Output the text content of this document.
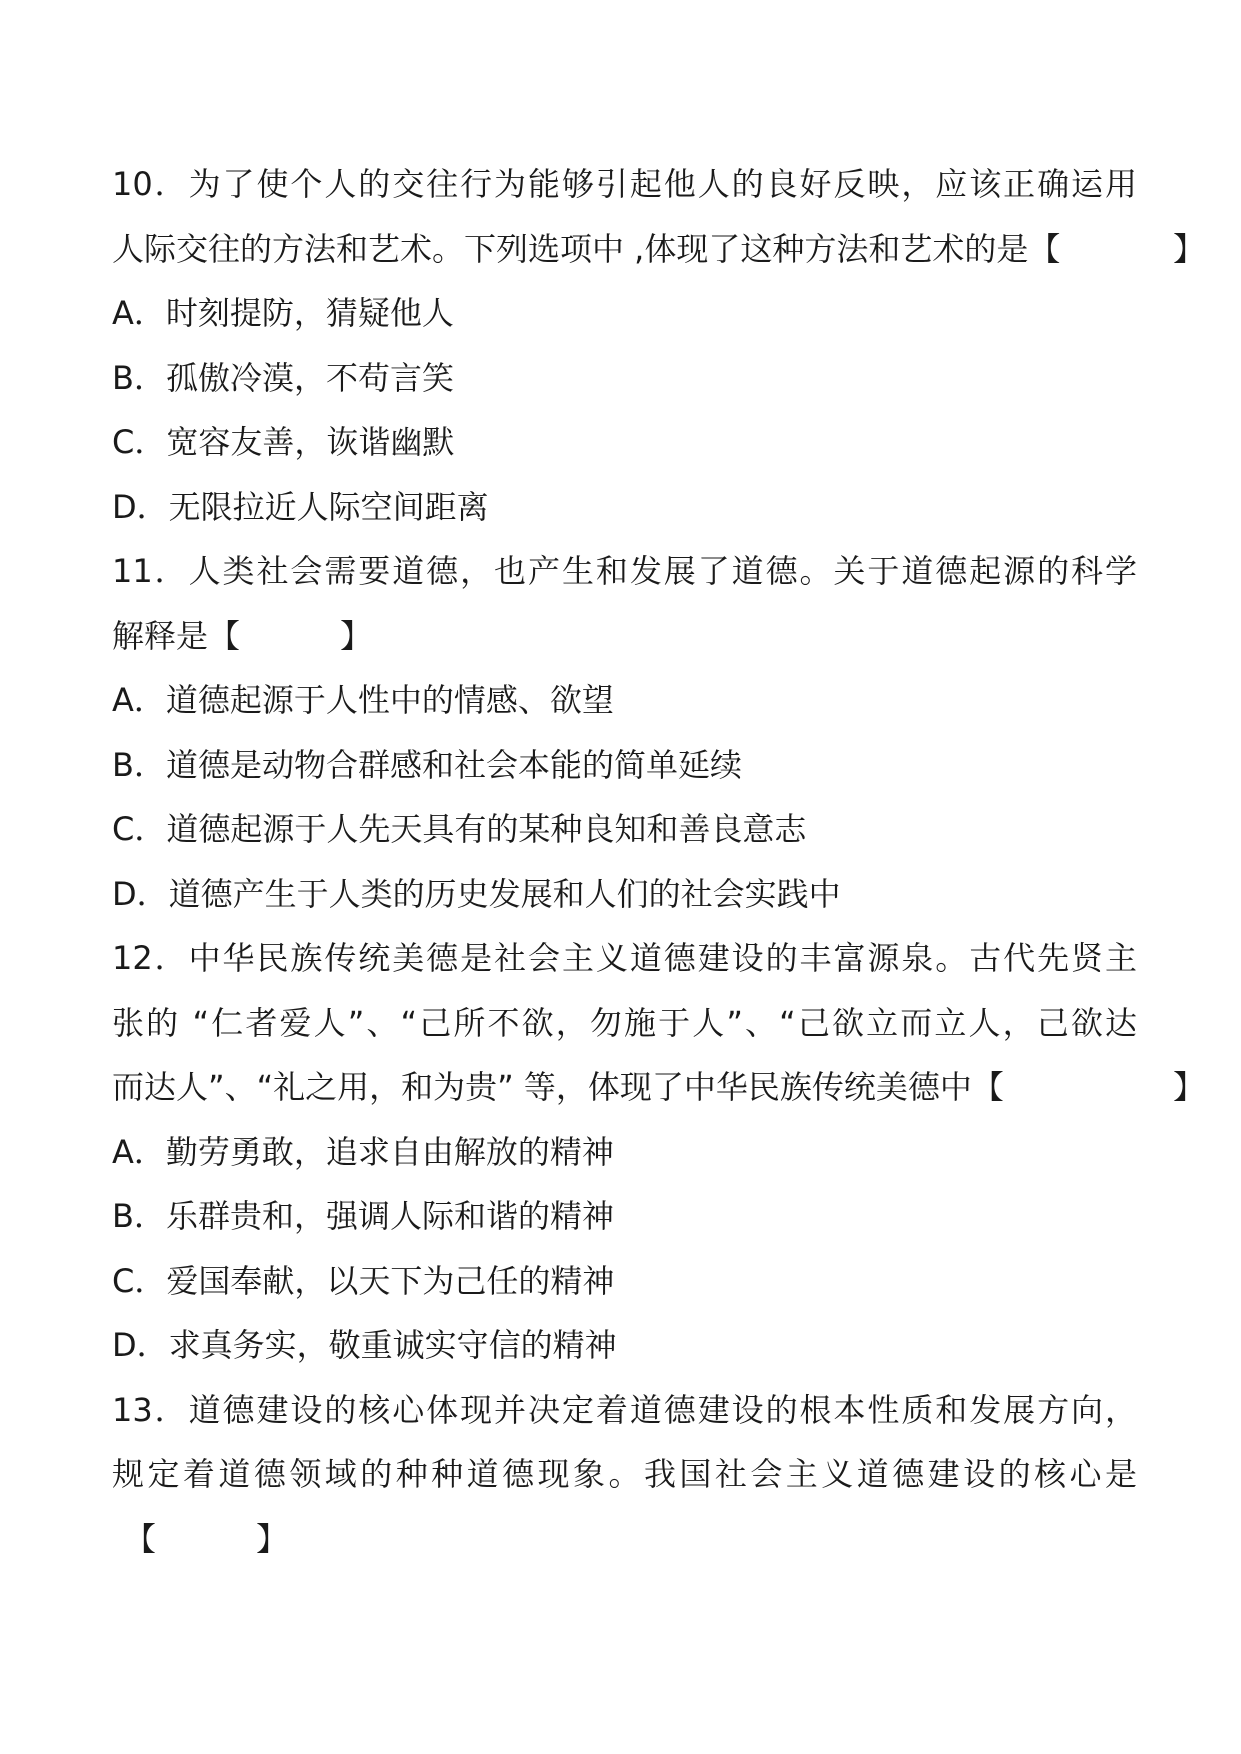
10．为了使个人的交往行为能够引起他人的良好反映，应该正确运用
人际交往的方法和艺术。下列选项中 ,体现了这种方法和艺术的是【	】
A．时刻提防，猜疑他人
B．孤傲冷漠，不苟言笑
C．宽容友善，诙谐幽默
D．无限拉近人际空间距离
11．人类社会需要道德，也产生和发展了道德。关于道德起源的科学
解释是【	】
A．道德起源于人性中的情感、欲望
B．道德是动物合群感和社会本能的简单延续
C．道德起源于人先天具有的某种良知和善良意志
D．道德产生于人类的历史发展和人们的社会实践中
12．中华民族传统美德是社会主义道德建设的丰富源泉。古代先贤主
张的 “仁者爱人”、“己所不欲，勿施于人”、“己欲立而立人，己欲达
而达人”、“礼之用，和为贵” 等，体现了中华民族传统美德中【	】
A．勤劳勇敢，追求自由解放的精神
B．乐群贵和，强调人际和谐的精神
C．爱国奉献，以天下为己任的精神
D．求真务实，敬重诚实守信的精神
13．道德建设的核心体现并决定着道德建设的根本性质和发展方向，
规定着道德领域的种种道德现象。我国社会主义道德建设的核心是
【	】
